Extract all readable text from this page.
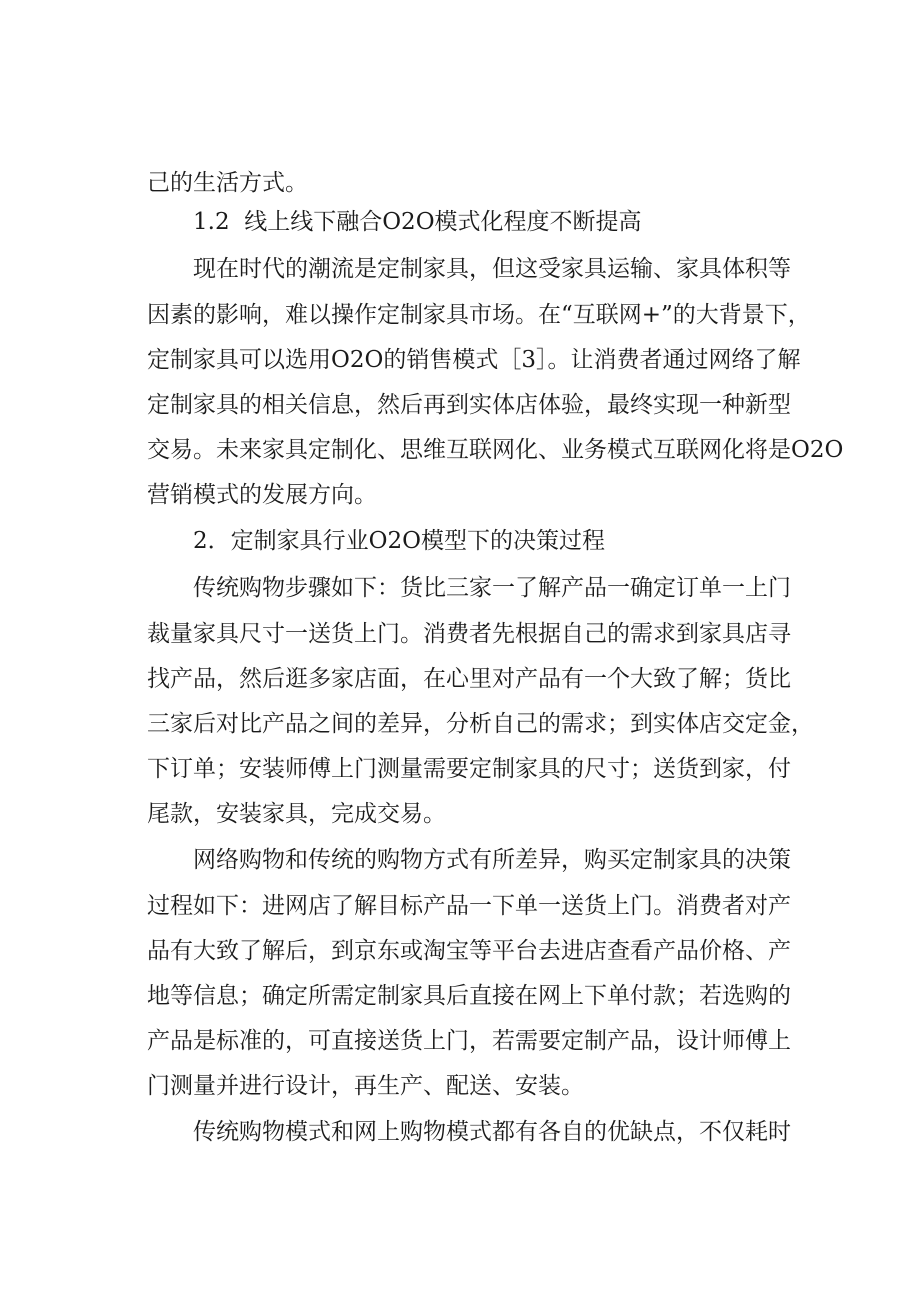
己的生活方式。
1.2  线上线下融合O2O模式化程度不断提高
现在时代的潮流是定制家具，但这受家具运输、家具体积等
因素的影响，难以操作定制家具市场。在“互联网+”的大背景下，
定制家具可以选用O2O的销售模式［3］。让消费者通过网络了解
定制家具的相关信息，然后再到实体店体验，最终实现一种新型
交易。未来家具定制化、思维互联网化、业务模式互联网化将是O2O
营销模式的发展方向。
2．定制家具行业O2O模型下的决策过程
传统购物步骤如下：货比三家一了解产品一确定订单一上门
裁量家具尺寸一送货上门。消费者先根据自己的需求到家具店寻
找产品，然后逛多家店面，在心里对产品有一个大致了解；货比
三家后对比产品之间的差异，分析自己的需求；到实体店交定金，
下订单；安装师傅上门测量需要定制家具的尺寸；送货到家，付
尾款，安装家具，完成交易。
网络购物和传统的购物方式有所差异，购买定制家具的决策
过程如下：进网店了解目标产品一下单一送货上门。消费者对产
品有大致了解后，到京东或淘宝等平台去进店查看产品价格、产
地等信息；确定所需定制家具后直接在网上下单付款；若选购的
产品是标准的，可直接送货上门，若需要定制产品，设计师傅上
门测量并进行设计，再生产、配送、安装。
传统购物模式和网上购物模式都有各自的优缺点，不仅耗时
